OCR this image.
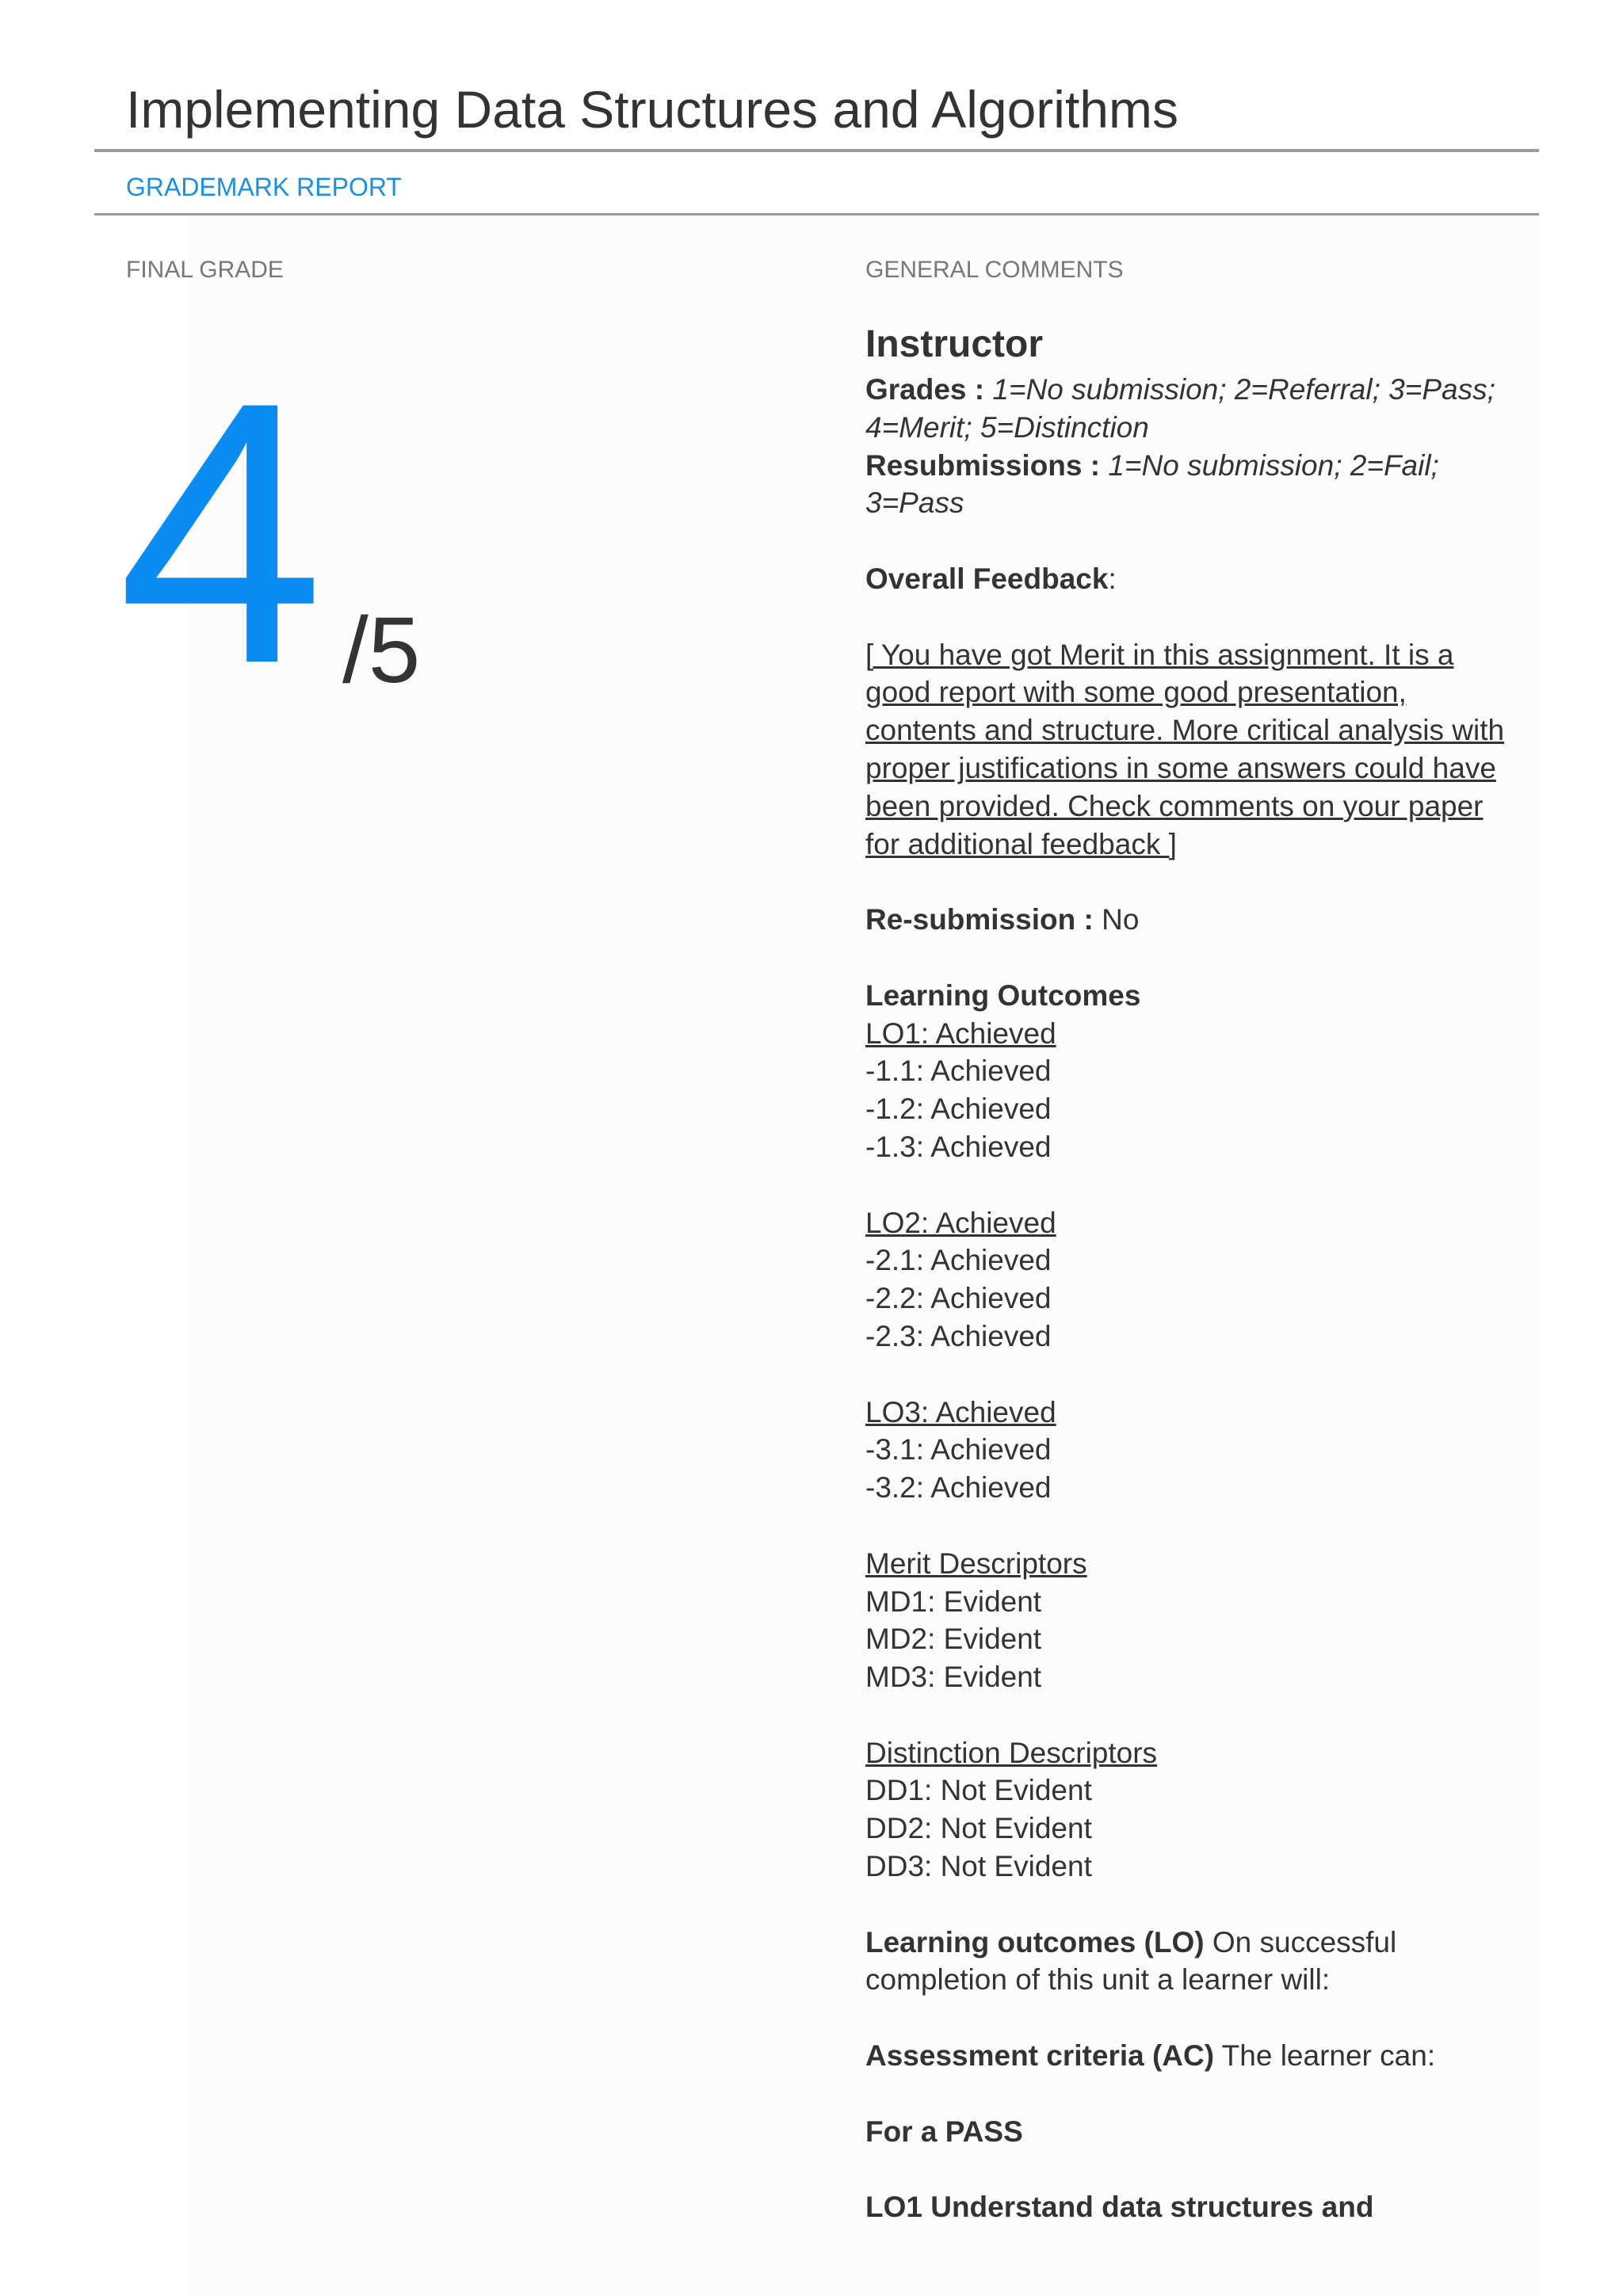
Implementing Data Structures and Algorithms
GRADEMARK REPORT
FINAL GRADE	GENERAL COMMENTS
4 /5
Instructor
Grades : 1=No submission; 2=Referral; 3=Pass;
4=Merit; 5=Distinction
Resubmissions : 1=No submission; 2=Fail;
3=Pass
Overall Feedback:
[ You have got Merit in this assignment. It is a
good report with some good presentation,
contents and structure. More critical analysis with
proper justifications in some answers could have
been provided. Check comments on your paper
for additional feedback ]
Re-submission : No
Learning Outcomes
LO1: Achieved
-1.1: Achieved
-1.2: Achieved
-1.3: Achieved
LO2: Achieved
-2.1: Achieved
-2.2: Achieved
-2.3: Achieved
LO3: Achieved
-3.1: Achieved
-3.2: Achieved
Merit Descriptors
MD1: Evident
MD2: Evident
MD3: Evident
Distinction Descriptors
DD1: Not Evident
DD2: Not Evident
DD3: Not Evident
Learning outcomes (LO) On successful
completion of this unit a learner will:
Assessment criteria (AC) The learner can:
For a PASS
LO1 Understand data structures and
